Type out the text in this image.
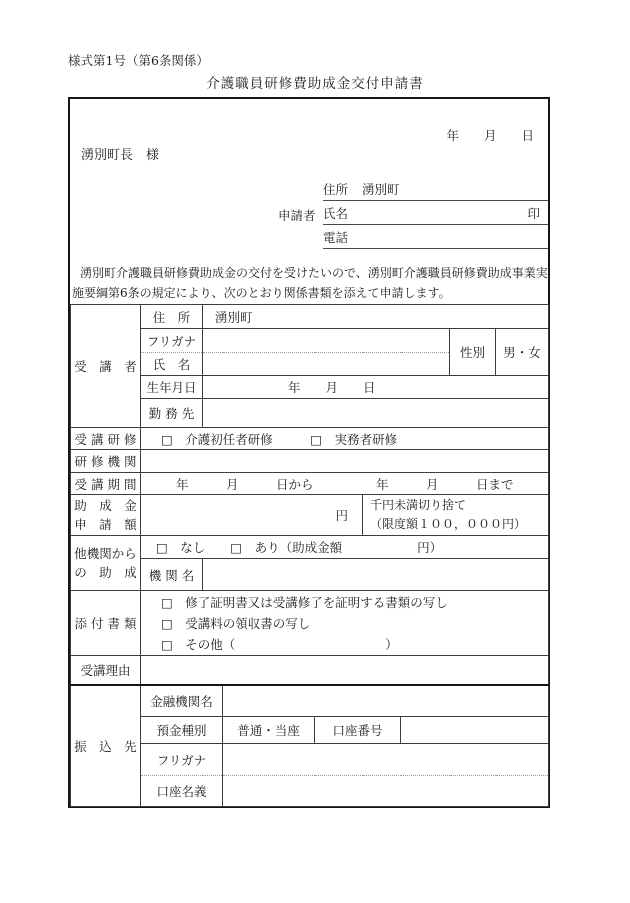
様式第1号（第6条関係）
介護職員研修費助成金交付申請書
年　　月　　日
湧別町長　様
申請者
住所 湧別町
氏名	印
電話
湧別町介護職員研修費助成金の交付を受けたいので、湧別町介護職員研修費助成事業実
施要綱第6条の規定により、次のとおり関係書類を添えて申請します。
受　講　者	住　所	湧別町						
	フリガナ						性別	男・女
	氏　名							
	生年月日	年　　月　　日						
	勤 務 先							
受 講 研 修	□　介護初任者研修　　　□　実務者研修							
研 修 機 関								
受 講 期 間	年　　　月　　　日から　　　　　年　　　月　　　日まで							

助　成　金
申　請　額
	円	
千円未満切り捨て
（限度額１００，０００円）

他機関から
の　助　成	□　なし　　□　あり（助成金額　　　　　　円）							
	機 関 名							
添 付 書 類	□　修了証明書又は受講修了を証明する書類の写し
□　受講料の領収書の写し
□　その他（　　　　　　　　　　　　）							

受講理由								
振　込　先	金融機関名							
	預金種別		普通・当座	口座番号				
	フリガナ							
	口座名義							
